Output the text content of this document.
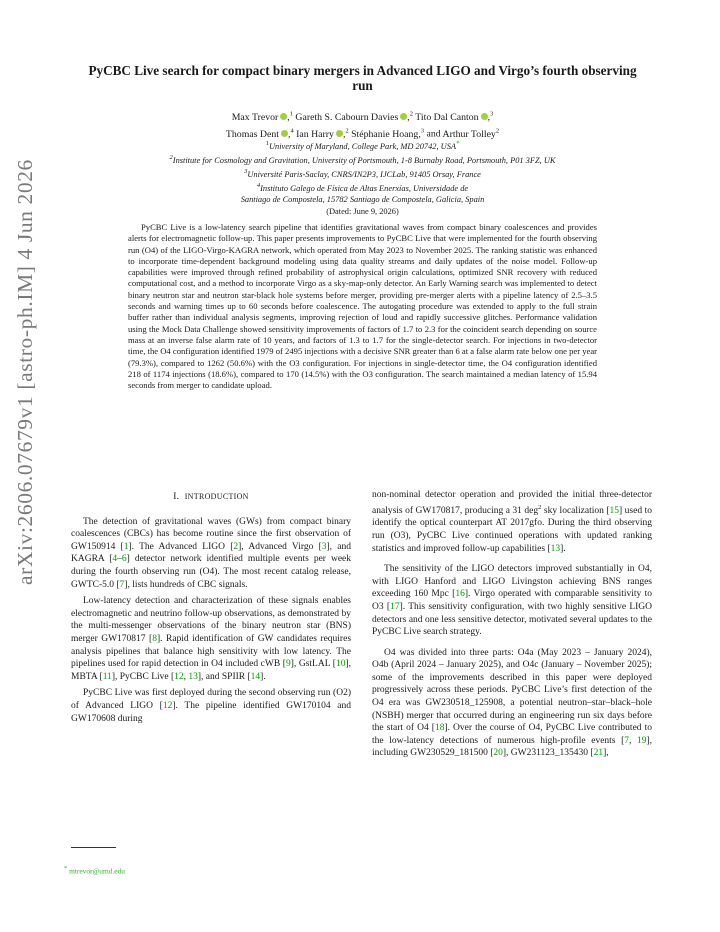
arXiv:2606.07679v1 [astro-ph.IM] 4 Jun 2026
PyCBC Live search for compact binary mergers in Advanced LIGO and Virgo’s fourth observing run
Max Trevor ,$^1$ Gareth S. Cabourn Davies ,$^2$ Tito Dal Canton ,$^3$
Thomas Dent ,$^4$ Ian Harry ,$^2$ Stéphanie Hoang,$^3$ and Arthur Tolley$^2$
$^1$University of Maryland, College Park, MD 20742, USA*
$^2$Institute for Cosmology and Gravitation, University of Portsmouth, 1-8 Burnaby Road, Portsmouth, P01 3FZ, UK
$^3$Université Paris-Saclay, CNRS/IN2P3, IJCLab, 91405 Orsay, France
$^4$Instituto Galego de Física de Altas Enerxías, Universidade de
Santiago de Compostela, 15782 Santiago de Compostela, Galicia, Spain
(Dated: June 9, 2026)

PyCBC Live is a low-latency search pipeline that identifies gravitational waves from compact binary coalescences and provides alerts for electromagnetic follow-up. This paper presents improvements to PyCBC Live that were implemented for the fourth observing run (O4) of the LIGO-Virgo-KAGRA network, which operated from May 2023 to November 2025. The ranking statistic was enhanced to incorporate time-dependent background modeling using data quality streams and daily updates of the noise model. Follow-up capabilities were improved through refined probability of astrophysical origin calculations, optimized SNR recovery with reduced computational cost, and a method to incorporate Virgo as a sky-map-only detector. An Early Warning search was implemented to detect binary neutron star and neutron star-black hole systems before merger, providing pre-merger alerts with a pipeline latency of 2.5–3.5 seconds and warning times up to 60 seconds before coalescence. The autogating procedure was extended to apply to the full strain buffer rather than individual analysis segments, improving rejection of loud and rapidly successive glitches. Performance validation using the Mock Data Challenge showed sensitivity improvements of factors of 1.7 to 2.3 for the coincident search depending on source mass at an inverse false alarm rate of 10 years, and factors of 1.3 to 1.7 for the single-detector search. For injections in two-detector time, the O4 configuration identified 1979 of 2495 injections with a decisive SNR greater than 6 at a false alarm rate below one per year (79.3%), compared to 1262 (50.6%) with the O3 configuration. For injections in single-detector time, the O4 configuration identified 218 of 1174 injections (18.6%), compared to 170 (14.5%) with the O3 configuration. The search maintained a median latency of 15.94 seconds from merger to candidate upload.

I. INTRODUCTION

The detection of gravitational waves (GWs) from compact binary coalescences (CBCs) has become routine since the first observation of GW150914 [1]. The Advanced LIGO [2], Advanced Virgo [3], and KAGRA [4–6] detector network identified multiple events per week during the fourth observing run (O4). The most recent catalog release, GWTC-5.0 [7], lists hundreds of CBC signals.

Low-latency detection and characterization of these signals enables electromagnetic and neutrino follow-up observations, as demonstrated by the multi-messenger observations of the binary neutron star (BNS) merger GW170817 [8]. Rapid identification of GW candidates requires analysis pipelines that balance high sensitivity with low latency. The pipelines used for rapid detection in O4 included cWB [9], GstLAL [10], MBTA [11], PyCBC Live [12, 13], and SPIIR [14].

PyCBC Live was first deployed during the second observing run (O2) of Advanced LIGO [12]. The pipeline identified GW170104 and GW170608 during

non-nominal detector operation and provided the initial three-detector analysis of GW170817, producing a 31 deg$^2$ sky localization [15] used to identify the optical counterpart AT 2017gfo. During the third observing run (O3), PyCBC Live continued operations with updated ranking statistics and improved follow-up capabilities [13].

The sensitivity of the LIGO detectors improved substantially in O4, with LIGO Hanford and LIGO Livingston achieving BNS ranges exceeding 160 Mpc [16]. Virgo operated with comparable sensitivity to O3 [17]. This sensitivity configuration, with two highly sensitive LIGO detectors and one less sensitive detector, motivated several updates to the PyCBC Live search strategy.

O4 was divided into three parts: O4a (May 2023 – January 2024), O4b (April 2024 – January 2025), and O4c (January – November 2025); some of the improvements described in this paper were deployed progressively across these periods. PyCBC Live’s first detection of the O4 era was GW230518_125908, a potential neutron–star–black–hole (NSBH) merger that occurred during an engineering run six days before the start of O4 [18]. Over the course of O4, PyCBC Live contributed to the low-latency detections of numerous high-profile events [7, 19], including GW230529_181500 [20], GW231123_135430 [21],

* mtrevor@umd.edu
